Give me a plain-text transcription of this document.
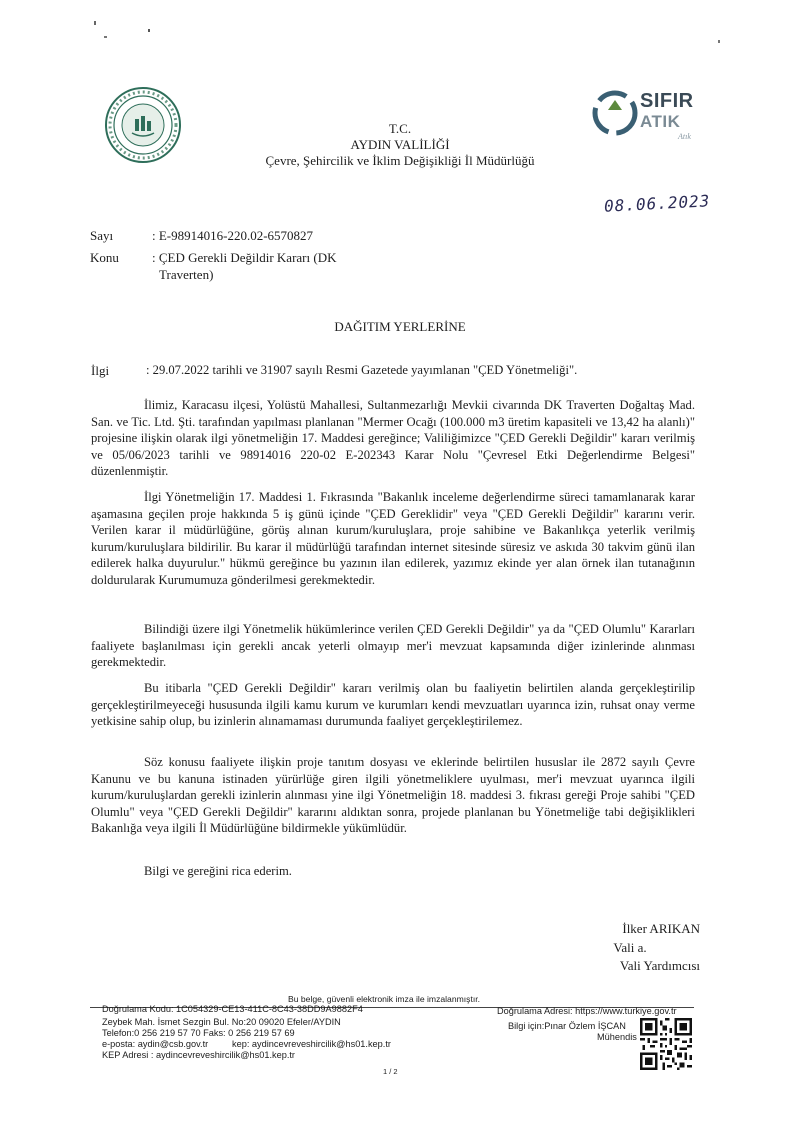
SIFIR
ATIK
Atık
T.C.
AYDIN VALİLİĞİ
Çevre, Şehircilik ve İklim Değişikliği İl Müdürlüğü
08.06.2023
Sayı	: E-98914016-220.02-6570827
Konu	: ÇED Gerekli Değildir Kararı (DK
Traverten)
DAĞITIM YERLERİNE
İlgi	: 29.07.2022 tarihli ve 31907 sayılı Resmi Gazetede yayımlanan "ÇED Yönetmeliği".

İlimiz, Karacasu ilçesi, Yolüstü Mahallesi, Sultanmezarlığı Mevkii civarında DK Traverten Doğaltaş Mad. San. ve Tic. Ltd. Şti. tarafından yapılması planlanan "Mermer Ocağı (100.000 m3 üretim kapasiteli ve 13,42 ha alanlı)" projesine ilişkin olarak ilgi yönetmeliğin 17. Maddesi gereğince; Valiliğimizce "ÇED Gerekli Değildir" kararı verilmiş ve 05/06/2023 tarihli ve 98914016 220-02 E-202343 Karar Nolu "Çevresel Etki Değerlendirme Belgesi" düzenlenmiştir.

İlgi Yönetmeliğin 17. Maddesi 1. Fıkrasında "Bakanlık inceleme değerlendirme süreci tamamlanarak karar aşamasına geçilen proje hakkında 5 iş günü içinde "ÇED Gereklidir" veya "ÇED Gerekli Değildir" kararını verir. Verilen karar il müdürlüğüne, görüş alınan kurum/kuruluşlara, proje sahibine ve Bakanlıkça yeterlik verilmiş kurum/kuruluşlara bildirilir. Bu karar il müdürlüğü tarafından internet sitesinde süresiz ve askıda 30 takvim günü ilan edilerek halka duyurulur." hükmü gereğince bu yazının ilan edilerek, yazımız ekinde yer alan örnek ilan tutanağının doldurularak Kurumumuza gönderilmesi gerekmektedir.

Bilindiği üzere ilgi Yönetmelik hükümlerince verilen ÇED Gerekli Değildir" ya da "ÇED Olumlu" Kararları faaliyete başlanılması için gerekli ancak yeterli olmayıp mer'i mevzuat kapsamında diğer izinlerinde alınması gerekmektedir.

Bu itibarla "ÇED Gerekli Değildir" kararı verilmiş olan bu faaliyetin belirtilen alanda gerçekleştirilip gerçekleştirilmeyeceği hususunda ilgili kamu kurum ve kurumları kendi mevzuatları uyarınca izin, ruhsat onay verme yetkisine sahip olup, bu izinlerin alınamaması durumunda faaliyet gerçekleştirilemez.

Söz konusu faaliyete ilişkin proje tanıtım dosyası ve eklerinde belirtilen hususlar ile 2872 sayılı Çevre Kanunu ve bu kanuna istinaden yürürlüğe giren ilgili yönetmeliklere uyulması, mer'i mevzuat uyarınca ilgili kurum/kuruluşlardan gerekli izinlerin alınması yine ilgi Yönetmeliğin 18. maddesi 3. fıkrası gereği Proje sahibi "ÇED Olumlu" veya "ÇED Gerekli Değildir" kararını aldıktan sonra, projede planlanan bu Yönetmeliğe tabi değişiklikleri Bakanlığa veya ilgili İl Müdürlüğüne bildirmekle yükümlüdür.

Bilgi ve gereğini rica ederim.

İlker ARIKAN
Vali a.
Vali Yardımcısı
Bu belge, güvenli elektronik imza ile imzalanmıştır.
Doğrulama Kodu: 1C054329-CE13-411C-8C43-38DD9A9882F4	Doğrulama Adresi: https://www.turkiye.gov.tr
Zeybek Mah. İsmet Sezgin Bul. No:20 09020 Efeler/AYDIN
Telefon:0 256 219 57 70 Faks: 0 256 219 57 69
e-posta: aydin@csb.gov.tr	kep: aydincevreveshircilik@hs01.kep.tr
KEP Adresi : aydincevreveshircilik@hs01.kep.tr
Bilgi için:Pınar Özlem İŞCAN
Mühendis
1 / 2
